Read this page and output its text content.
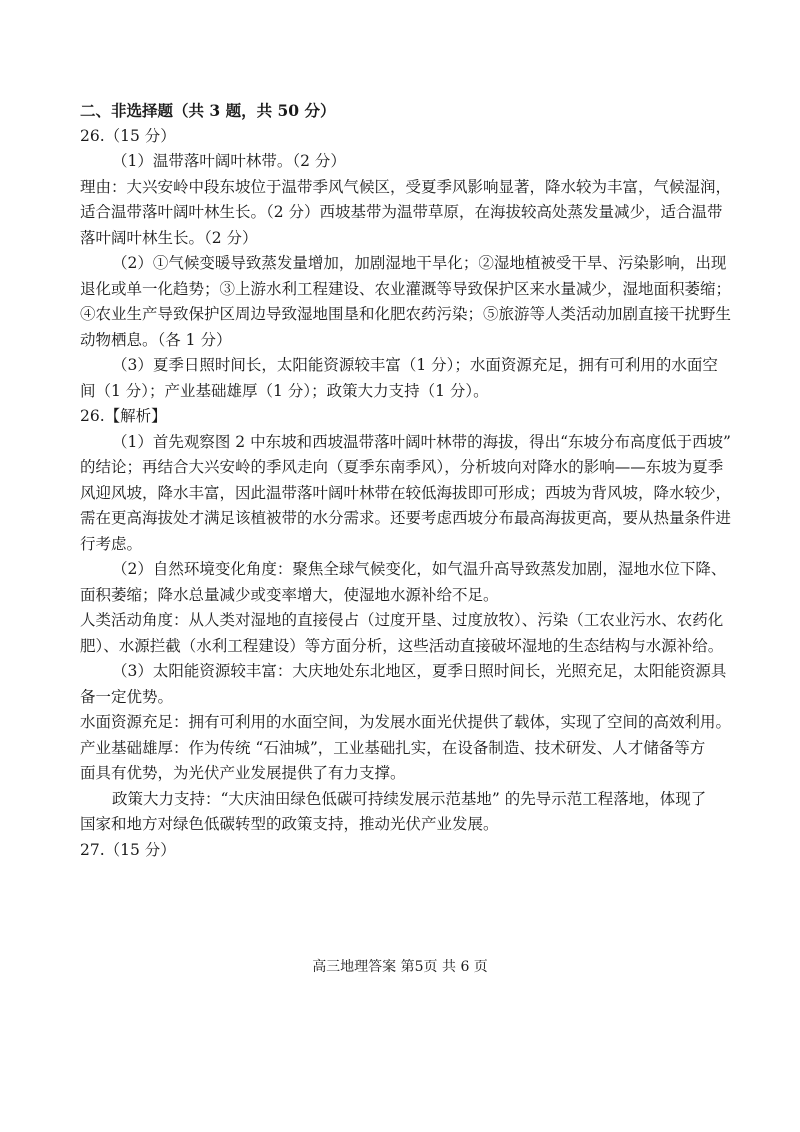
二、非选择题（共 3 题，共 50 分）
26.（15 分）
（1）温带落叶阔叶林带。（2 分）
理由：大兴安岭中段东坡位于温带季风气候区，受夏季风影响显著，降水较为丰富，气候湿润，
适合温带落叶阔叶林生长。（2 分）西坡基带为温带草原，在海拔较高处蒸发量减少，适合温带
落叶阔叶林生长。（2 分）
（2）①气候变暖导致蒸发量增加，加剧湿地干旱化；②湿地植被受干旱、污染影响，出现
退化或单一化趋势；③上游水利工程建设、农业灌溉等导致保护区来水量减少，湿地面积萎缩；
④农业生产导致保护区周边导致湿地围垦和化肥农药污染；⑤旅游等人类活动加剧直接干扰野生
动物栖息。（各 1 分）
（3）夏季日照时间长，太阳能资源较丰富（1 分）；水面资源充足，拥有可利用的水面空
间（1 分）；产业基础雄厚（1 分）；政策大力支持（1 分）。
26.【解析】
（1）首先观察图 2 中东坡和西坡温带落叶阔叶林带的海拔，得出“东坡分布高度低于西坡”
的结论；再结合大兴安岭的季风走向（夏季东南季风），分析坡向对降水的影响——东坡为夏季
风迎风坡，降水丰富，因此温带落叶阔叶林带在较低海拔即可形成；西坡为背风坡，降水较少，
需在更高海拔处才满足该植被带的水分需求。还要考虑西坡分布最高海拔更高，要从热量条件进
行考虑。
（2）自然环境变化角度：聚焦全球气候变化，如气温升高导致蒸发加剧，湿地水位下降、
面积萎缩；降水总量减少或变率增大，使湿地水源补给不足。
人类活动角度：从人类对湿地的直接侵占（过度开垦、过度放牧）、污染（工农业污水、农药化
肥）、水源拦截（水利工程建设）等方面分析，这些活动直接破坏湿地的生态结构与水源补给。
（3）太阳能资源较丰富：大庆地处东北地区，夏季日照时间长，光照充足，太阳能资源具
备一定优势。
水面资源充足：拥有可利用的水面空间，为发展水面光伏提供了载体，实现了空间的高效利用。
产业基础雄厚：作为传统 “石油城”，工业基础扎实，在设备制造、技术研发、人才储备等方
面具有优势，为光伏产业发展提供了有力支撑。
政策大力支持：“大庆油田绿色低碳可持续发展示范基地” 的先导示范工程落地，体现了
国家和地方对绿色低碳转型的政策支持，推动光伏产业发展。
27.（15 分）
高三地理答案 第5页 共 6 页
